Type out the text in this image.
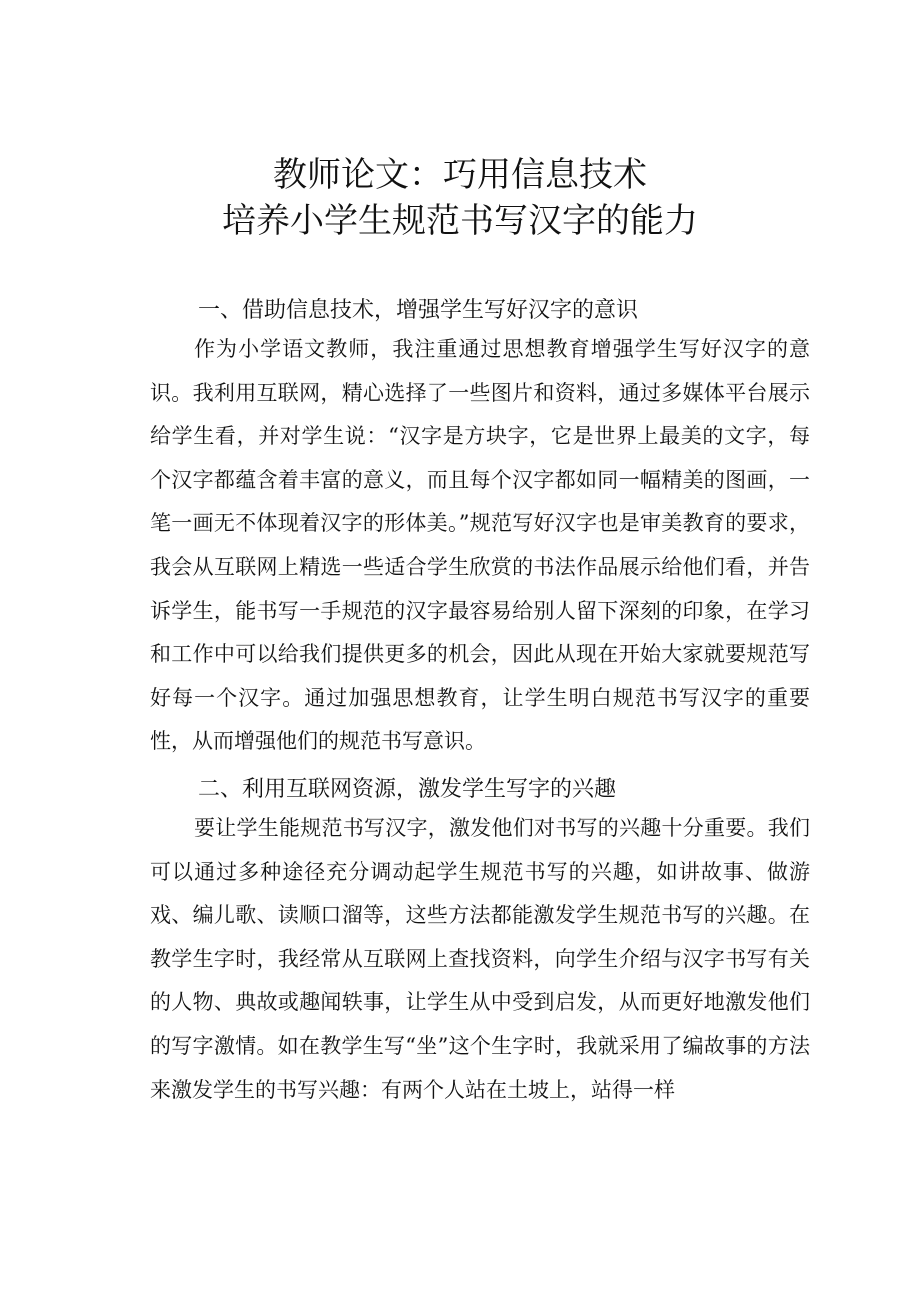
教师论文：巧用信息技术
培养小学生规范书写汉字的能力
一、借助信息技术，增强学生写好汉字的意识

作为小学语文教师，我注重通过思想教育增强学生写好汉字的意识。我利用互联网，精心选择了一些图片和资料，通过多媒体平台展示给学生看，并对学生说：“汉字是方块字，它是世界上最美的文字，每个汉字都蕴含着丰富的意义，而且每个汉字都如同一幅精美的图画，一笔一画无不体现着汉字的形体美。”规范写好汉字也是审美教育的要求，我会从互联网上精选一些适合学生欣赏的书法作品展示给他们看，并告诉学生，能书写一手规范的汉字最容易给别人留下深刻的印象，在学习和工作中可以给我们提供更多的机会，因此从现在开始大家就要规范写好每一个汉字。通过加强思想教育，让学生明白规范书写汉字的重要性，从而增强他们的规范书写意识。

二、利用互联网资源，激发学生写字的兴趣

要让学生能规范书写汉字，激发他们对书写的兴趣十分重要。我们可以通过多种途径充分调动起学生规范书写的兴趣，如讲故事、做游戏、编儿歌、读顺口溜等，这些方法都能激发学生规范书写的兴趣。在教学生字时，我经常从互联网上查找资料，向学生介绍与汉字书写有关的人物、典故或趣闻轶事，让学生从中受到启发，从而更好地激发他们的写字激情。如在教学生写“坐”这个生字时，我就采用了编故事的方法来激发学生的书写兴趣：有两个人站在土坡上，站得一样
